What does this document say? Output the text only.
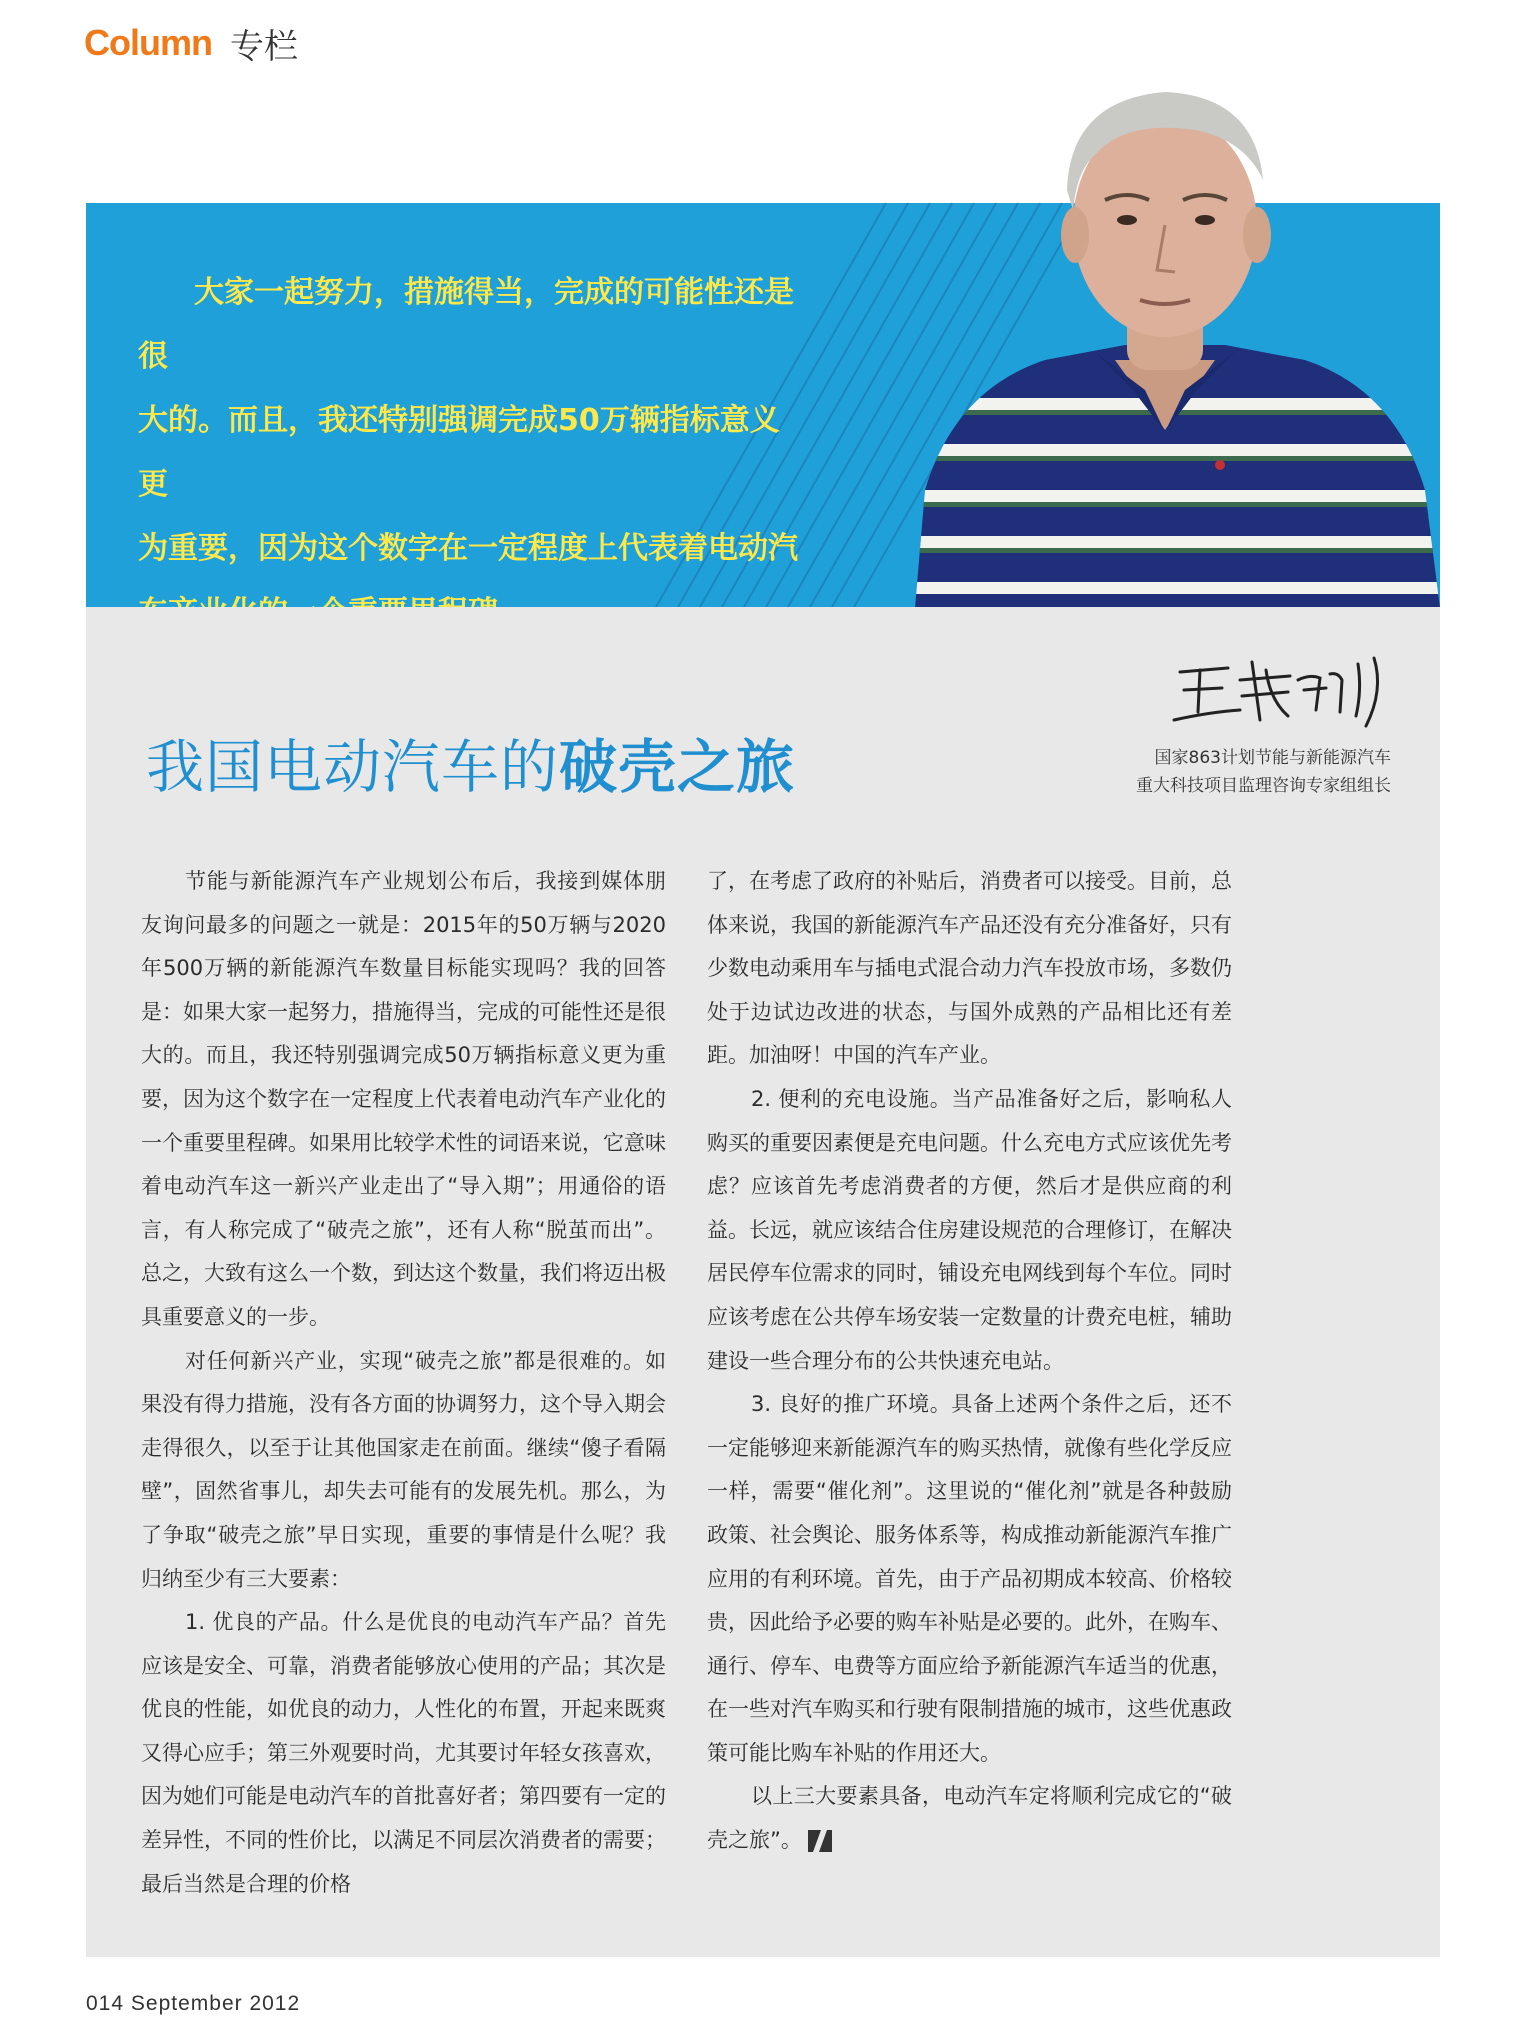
Column 专栏
大家一起努力，措施得当，完成的可能性还是很
大的。而且，我还特别强调完成50万辆指标意义更
为重要，因为这个数字在一定程度上代表着电动汽
国家863计划节能与新能源汽车
重大科技项目监理咨询专家组组长
我国电动汽车的破壳之旅

节能与新能源汽车产业规划公布后，我接到媒体朋友询问最多的问题之一就是：2015年的50万辆与2020年500万辆的新能源汽车数量目标能实现吗？我的回答是：如果大家一起努力，措施得当，完成的可能性还是很大的。而且，我还特别强调完成50万辆指标意义更为重要，因为这个数字在一定程度上代表着电动汽车产业化的一个重要里程碑。如果用比较学术性的词语来说，它意味着电动汽车这一新兴产业走出了“导入期”；用通俗的语言，有人称完成了“破壳之旅”，还有人称“脱茧而出”。总之，大致有这么一个数，到达这个数量，我们将迈出极具重要意义的一步。

对任何新兴产业，实现“破壳之旅”都是很难的。如果没有得力措施，没有各方面的协调努力，这个导入期会走得很久，以至于让其他国家走在前面。继续“傻子看隔壁”，固然省事儿，却失去可能有的发展先机。那么，为了争取“破壳之旅”早日实现，重要的事情是什么呢？我归纳至少有三大要素：

1. 优良的产品。什么是优良的电动汽车产品？首先应该是安全、可靠，消费者能够放心使用的产品；其次是优良的性能，如优良的动力，人性化的布置，开起来既爽又得心应手；第三外观要时尚，尤其要讨年轻女孩喜欢，因为她们可能是电动汽车的首批喜好者；第四要有一定的差异性，不同的性价比，以满足不同层次消费者的需要；最后当然是合理的价格

了，在考虑了政府的补贴后，消费者可以接受。目前，总体来说，我国的新能源汽车产品还没有充分准备好，只有少数电动乘用车与插电式混合动力汽车投放市场，多数仍处于边试边改进的状态，与国外成熟的产品相比还有差距。加油呀！中国的汽车产业。

2. 便利的充电设施。当产品准备好之后，影响私人购买的重要因素便是充电问题。什么充电方式应该优先考虑？应该首先考虑消费者的方便，然后才是供应商的利益。长远，就应该结合住房建设规范的合理修订，在解决居民停车位需求的同时，铺设充电网线到每个车位。同时应该考虑在公共停车场安装一定数量的计费充电桩，辅助建设一些合理分布的公共快速充电站。

3. 良好的推广环境。具备上述两个条件之后，还不一定能够迎来新能源汽车的购买热情，就像有些化学反应一样，需要“催化剂”。这里说的“催化剂”就是各种鼓励政策、社会舆论、服务体系等，构成推动新能源汽车推广应用的有利环境。首先，由于产品初期成本较高、价格较贵，因此给予必要的购车补贴是必要的。此外，在购车、通行、停车、电费等方面应给予新能源汽车适当的优惠，在一些对汽车购买和行驶有限制措施的城市，这些优惠政策可能比购车补贴的作用还大。

以上三大要素具备，电动汽车定将顺利完成它的“破壳之旅”。

014 September 2012
